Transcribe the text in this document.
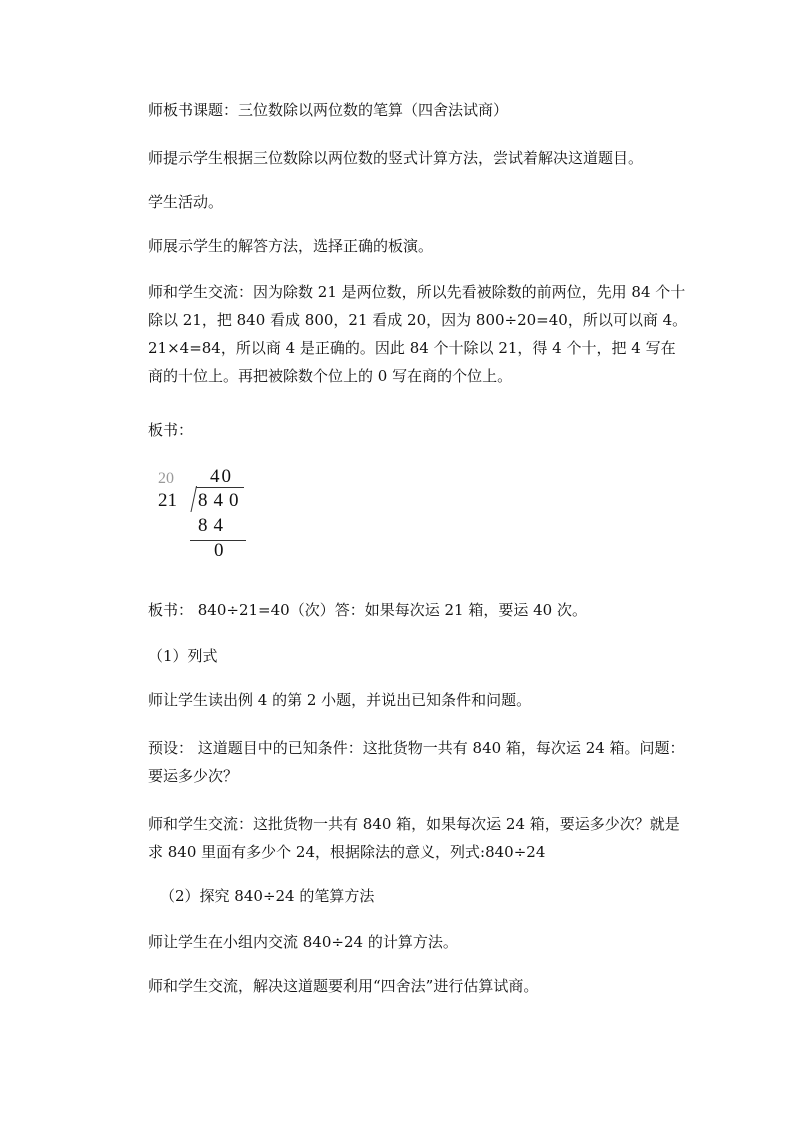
师板书课题：三位数除以两位数的笔算（四舍法试商）
师提示学生根据三位数除以两位数的竖式计算方法，尝试着解决这道题目。
学生活动。
师展示学生的解答方法，选择正确的板演。
师和学生交流：因为除数 21 是两位数，所以先看被除数的前两位，先用 84 个十除以 21，把 840 看成 800，21 看成 20，因为 800÷20=40，所以可以商 4。21×4=84，所以商 4 是正确的。因此 84 个十除以 21，得 4 个十，把 4 写在商的十位上。再把被除数个位上的 0 写在商的个位上。
板书：
20 40
21 840
84
0
板书： 840÷21=40（次）答：如果每次运 21 箱，要运 40 次。
（1）列式
师让学生读出例 4 的第 2 小题，并说出已知条件和问题。
预设： 这道题目中的已知条件：这批货物一共有 840 箱，每次运 24 箱。问题：要运多少次？
师和学生交流：这批货物一共有 840 箱，如果每次运 24 箱，要运多少次？就是求 840 里面有多少个 24，根据除法的意义，列式:840÷24
（2）探究 840÷24 的笔算方法
师让学生在小组内交流 840÷24 的计算方法。
师和学生交流，解决这道题要利用“四舍法”进行估算试商。
